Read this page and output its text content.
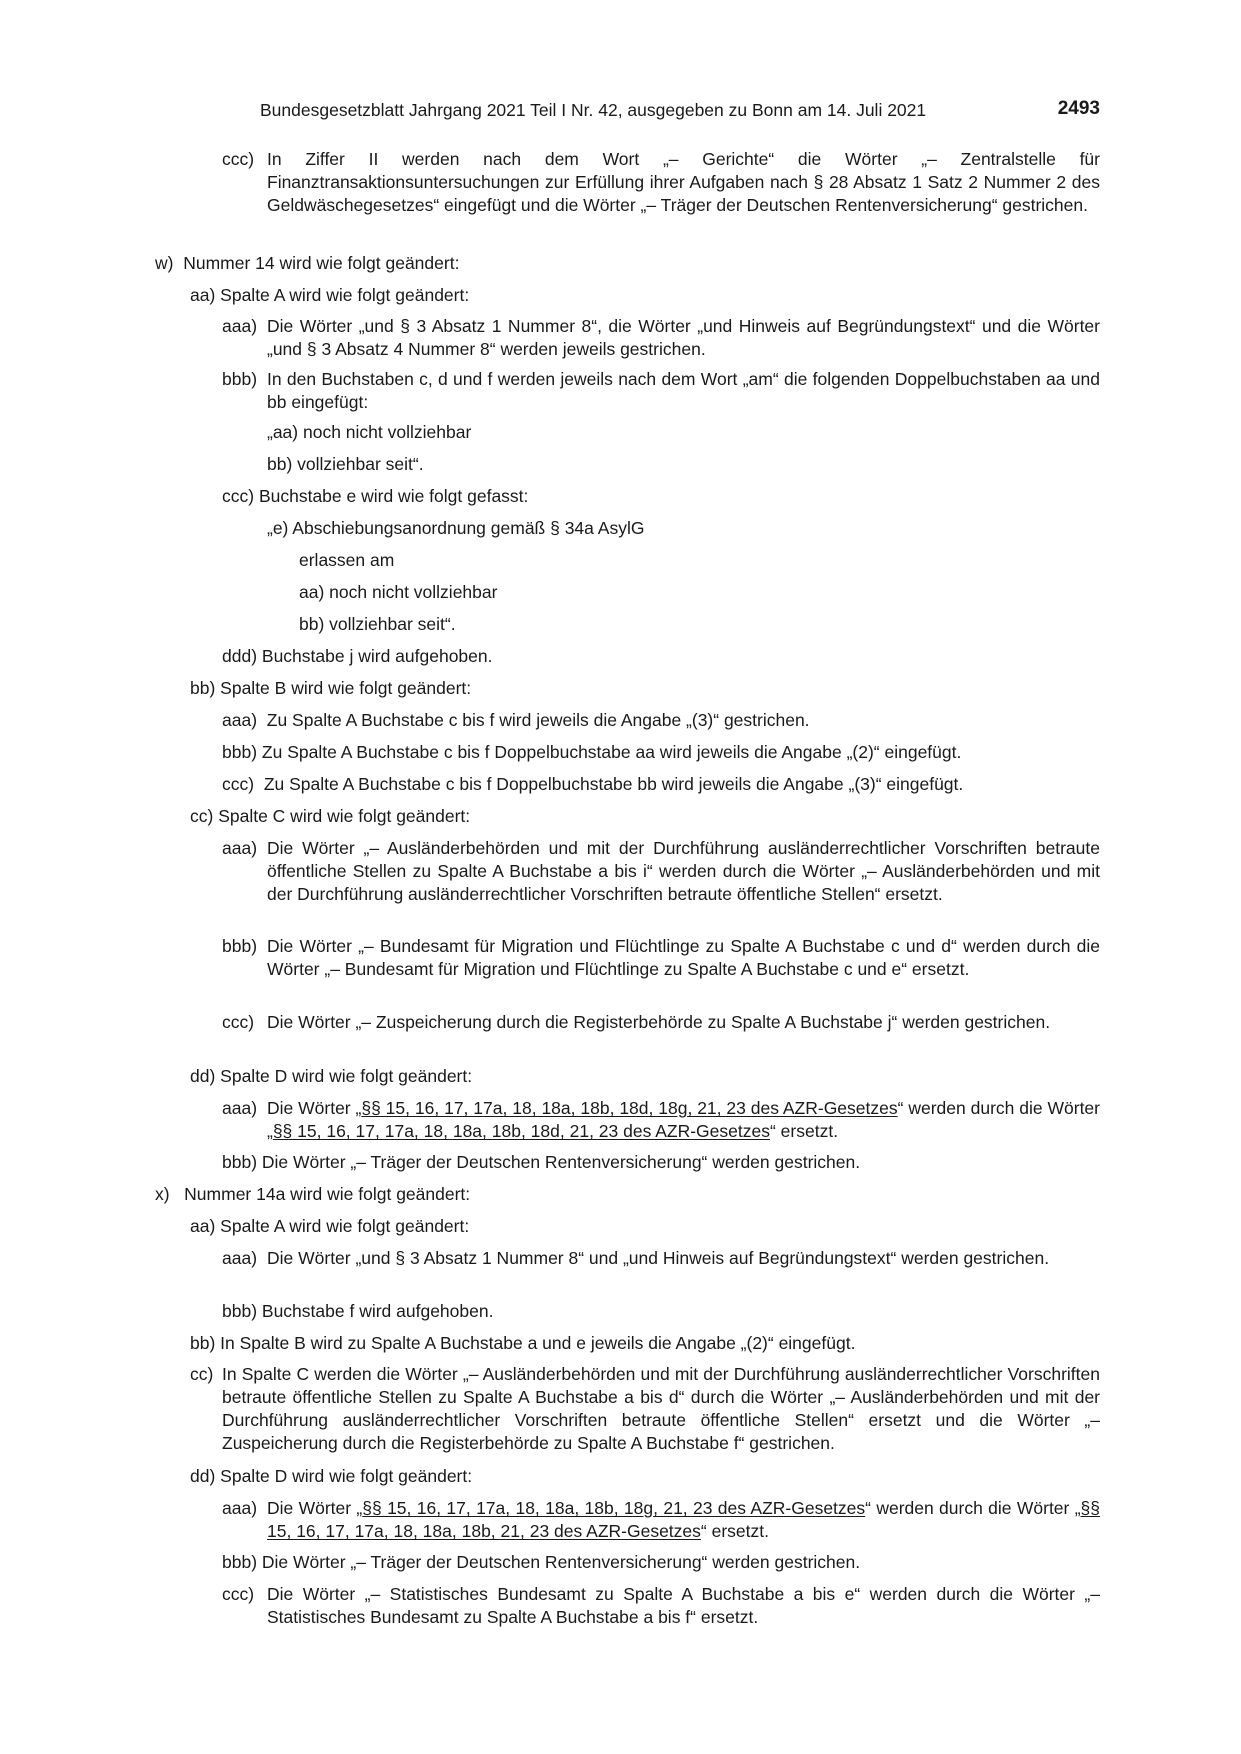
Bundesgesetzblatt Jahrgang 2021 Teil I Nr. 42, ausgegeben zu Bonn am 14. Juli 2021	2493
ccc) In Ziffer II werden nach dem Wort „– Gerichte“ die Wörter „– Zentralstelle für Finanztransaktionsuntersuchungen zur Erfüllung ihrer Aufgaben nach § 28 Absatz 1 Satz 2 Nummer 2 des Geldwäschegesetzes“ eingefügt und die Wörter „– Träger der Deutschen Rentenversicherung“ gestrichen.
w) Nummer 14 wird wie folgt geändert:
aa) Spalte A wird wie folgt geändert:
aaa) Die Wörter „und § 3 Absatz 1 Nummer 8“, die Wörter „und Hinweis auf Begründungstext“ und die Wörter „und § 3 Absatz 4 Nummer 8“ werden jeweils gestrichen.
bbb) In den Buchstaben c, d und f werden jeweils nach dem Wort „am“ die folgenden Doppelbuchstaben aa und bb eingefügt:
„aa) noch nicht vollziehbar
bb) vollziehbar seit“.
ccc) Buchstabe e wird wie folgt gefasst:
„e) Abschiebungsanordnung gemäß § 34a AsylG
erlassen am
aa) noch nicht vollziehbar
bb) vollziehbar seit“.
ddd) Buchstabe j wird aufgehoben.
bb) Spalte B wird wie folgt geändert:
aaa) Zu Spalte A Buchstabe c bis f wird jeweils die Angabe „(3)“ gestrichen.
bbb) Zu Spalte A Buchstabe c bis f Doppelbuchstabe aa wird jeweils die Angabe „(2)“ eingefügt.
ccc) Zu Spalte A Buchstabe c bis f Doppelbuchstabe bb wird jeweils die Angabe „(3)“ eingefügt.
cc) Spalte C wird wie folgt geändert:
aaa) Die Wörter „– Ausländerbehörden und mit der Durchführung ausländerrechtlicher Vorschriften betraute öffentliche Stellen zu Spalte A Buchstabe a bis i“ werden durch die Wörter „– Ausländerbehörden und mit der Durchführung ausländerrechtlicher Vorschriften betraute öffentliche Stellen“ ersetzt.
bbb) Die Wörter „– Bundesamt für Migration und Flüchtlinge zu Spalte A Buchstabe c und d“ werden durch die Wörter „– Bundesamt für Migration und Flüchtlinge zu Spalte A Buchstabe c und e“ ersetzt.
ccc) Die Wörter „– Zuspeicherung durch die Registerbehörde zu Spalte A Buchstabe j“ werden gestrichen.
dd) Spalte D wird wie folgt geändert:
aaa) Die Wörter „§§ 15, 16, 17, 17a, 18, 18a, 18b, 18d, 18g, 21, 23 des AZR-Gesetzes“ werden durch die Wörter „§§ 15, 16, 17, 17a, 18, 18a, 18b, 18d, 21, 23 des AZR-Gesetzes“ ersetzt.
bbb) Die Wörter „– Träger der Deutschen Rentenversicherung“ werden gestrichen.
x) Nummer 14a wird wie folgt geändert:
aa) Spalte A wird wie folgt geändert:
aaa) Die Wörter „und § 3 Absatz 1 Nummer 8“ und „und Hinweis auf Begründungstext“ werden gestrichen.
bbb) Buchstabe f wird aufgehoben.
bb) In Spalte B wird zu Spalte A Buchstabe a und e jeweils die Angabe „(2)“ eingefügt.
cc) In Spalte C werden die Wörter „– Ausländerbehörden und mit der Durchführung ausländerrechtlicher Vorschriften betraute öffentliche Stellen zu Spalte A Buchstabe a bis d“ durch die Wörter „– Ausländerbehörden und mit der Durchführung ausländerrechtlicher Vorschriften betraute öffentliche Stellen“ ersetzt und die Wörter „– Zuspeicherung durch die Registerbehörde zu Spalte A Buchstabe f“ gestrichen.
dd) Spalte D wird wie folgt geändert:
aaa) Die Wörter „§§ 15, 16, 17, 17a, 18, 18a, 18b, 18g, 21, 23 des AZR-Gesetzes“ werden durch die Wörter „§§ 15, 16, 17, 17a, 18, 18a, 18b, 21, 23 des AZR-Gesetzes“ ersetzt.
bbb) Die Wörter „– Träger der Deutschen Rentenversicherung“ werden gestrichen.
ccc) Die Wörter „– Statistisches Bundesamt zu Spalte A Buchstabe a bis e“ werden durch die Wörter „– Statistisches Bundesamt zu Spalte A Buchstabe a bis f“ ersetzt.
